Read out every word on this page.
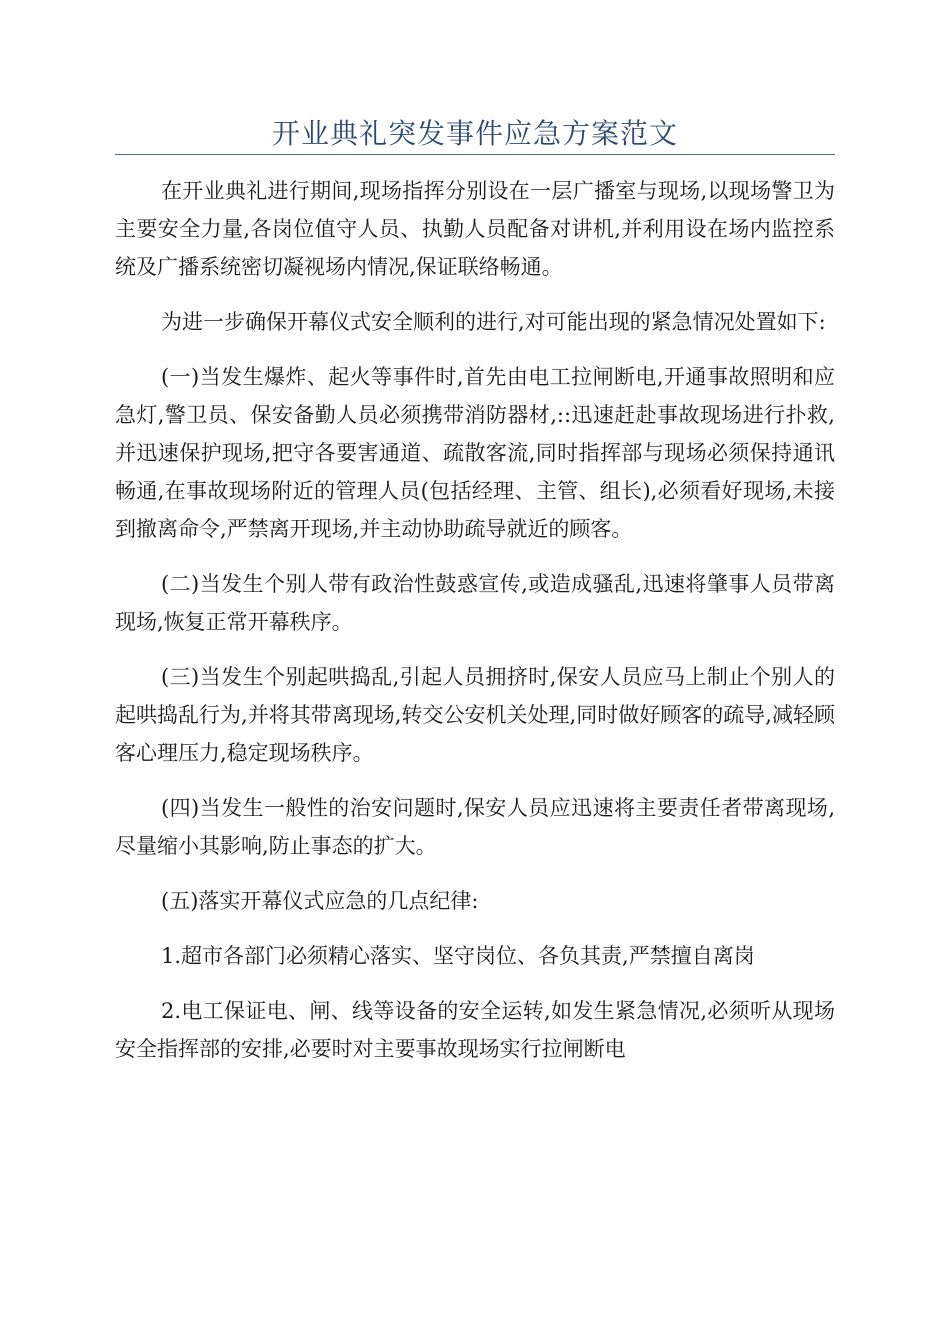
开业典礼突发事件应急方案范文

在开业典礼进行期间,现场指挥分别设在一层广播室与现场,以现场警卫为主要安全力量,各岗位值守人员、执勤人员配备对讲机,并利用设在场内监控系统及广播系统密切凝视场内情况,保证联络畅通。

为进一步确保开幕仪式安全顺利的进行,对可能出现的紧急情况处置如下:

(一)当发生爆炸、起火等事件时,首先由电工拉闸断电,开通事故照明和应急灯,警卫员、保安备勤人员必须携带消防器材,::迅速赶赴事故现场进行扑救,并迅速保护现场,把守各要害通道、疏散客流,同时指挥部与现场必须保持通讯畅通,在事故现场附近的管理人员(包括经理、主管、组长),必须看好现场,未接到撤离命令,严禁离开现场,并主动协助疏导就近的顾客。

(二)当发生个别人带有政治性鼓惑宣传,或造成骚乱,迅速将肇事人员带离现场,恢复正常开幕秩序。

(三)当发生个别起哄捣乱,引起人员拥挤时,保安人员应马上制止个别人的起哄捣乱行为,并将其带离现场,转交公安机关处理,同时做好顾客的疏导,减轻顾客心理压力,稳定现场秩序。

(四)当发生一般性的治安问题时,保安人员应迅速将主要责任者带离现场,尽量缩小其影响,防止事态的扩大。

(五)落实开幕仪式应急的几点纪律:

1.超市各部门必须精心落实、坚守岗位、各负其责,严禁擅自离岗

2.电工保证电、闸、线等设备的安全运转,如发生紧急情况,必须听从现场安全指挥部的安排,必要时对主要事故现场实行拉闸断电
